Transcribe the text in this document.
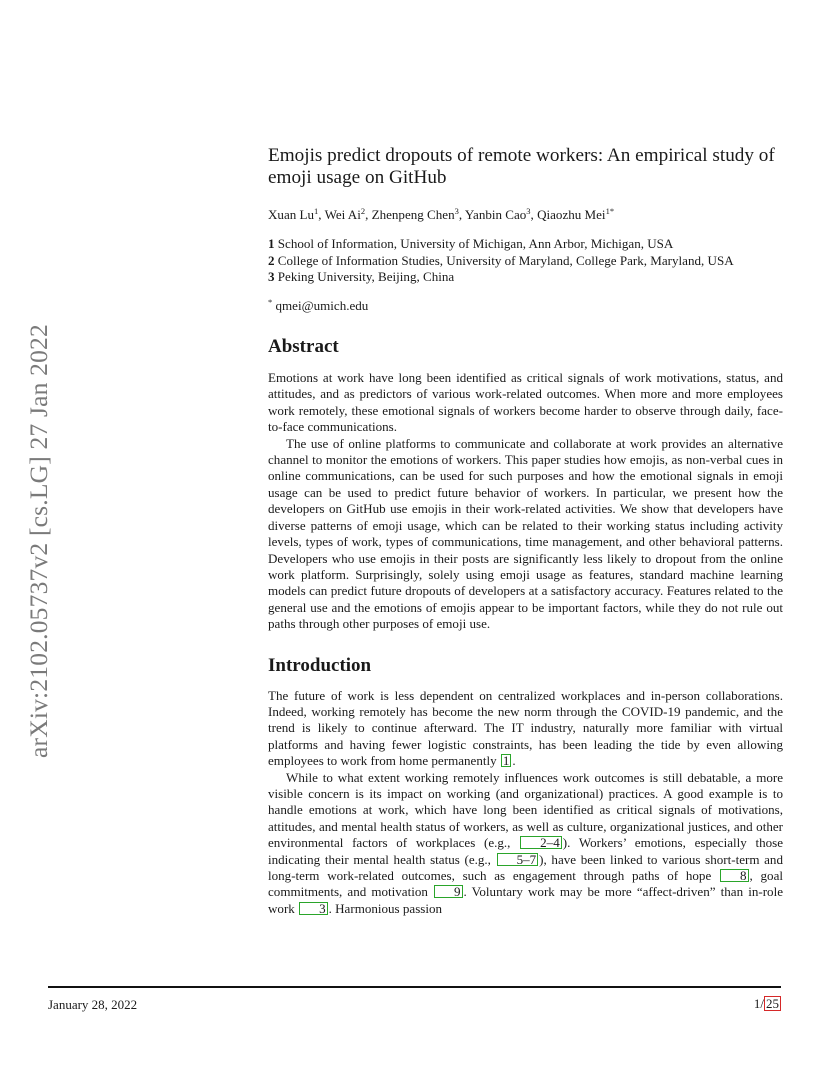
arXiv:2102.05737v2 [cs.LG] 27 Jan 2022
Emojis predict dropouts of remote workers: An empirical study of emoji usage on GitHub
Xuan Lu$^1$, Wei Ai$^2$, Zhenpeng Chen$^3$, Yanbin Cao$^3$, Qiaozhu Mei$^{1*}$
1 School of Information, University of Michigan, Ann Arbor, Michigan, USA
2 College of Information Studies, University of Maryland, College Park, Maryland, USA
3 Peking University, Beijing, China
* qmei@umich.edu
Abstract

Emotions at work have long been identified as critical signals of work motivations, status, and attitudes, and as predictors of various work-related outcomes. When more and more employees work remotely, these emotional signals of workers become harder to observe through daily, face-to-face communications.

The use of online platforms to communicate and collaborate at work provides an alternative channel to monitor the emotions of workers. This paper studies how emojis, as non-verbal cues in online communications, can be used for such purposes and how the emotional signals in emoji usage can be used to predict future behavior of workers. In particular, we present how the developers on GitHub use emojis in their work-related activities. We show that developers have diverse patterns of emoji usage, which can be related to their working status including activity levels, types of work, types of communications, time management, and other behavioral patterns. Developers who use emojis in their posts are significantly less likely to dropout from the online work platform. Surprisingly, solely using emoji usage as features, standard machine learning models can predict future dropouts of developers at a satisfactory accuracy. Features related to the general use and the emotions of emojis appear to be important factors, while they do not rule out paths through other purposes of emoji use.

Introduction

The future of work is less dependent on centralized workplaces and in-person collaborations. Indeed, working remotely has become the new norm through the COVID-19 pandemic, and the trend is likely to continue afterward. The IT industry, naturally more familiar with virtual platforms and having fewer logistic constraints, has been leading the tide by even allowing employees to work from home permanently 1 .

While to what extent working remotely influences work outcomes is still debatable, a more visible concern is its impact on working (and organizational) practices. A good example is to handle emotions at work, which have long been identified as critical signals of motivations, attitudes, and mental health status of workers, as well as culture, organizational justices, and other environmental factors of workplaces (e.g., 2–4 ). Workers’ emotions, especially those indicating their mental health status (e.g., 5–7 ), have been linked to various short-term and long-term work-related outcomes, such as engagement through paths of hope 8 , goal commitments, and motivation 9 . Voluntary work may be more “affect-driven” than in-role work 3 . Harmonious passion

January 28, 2022	1/ 25
